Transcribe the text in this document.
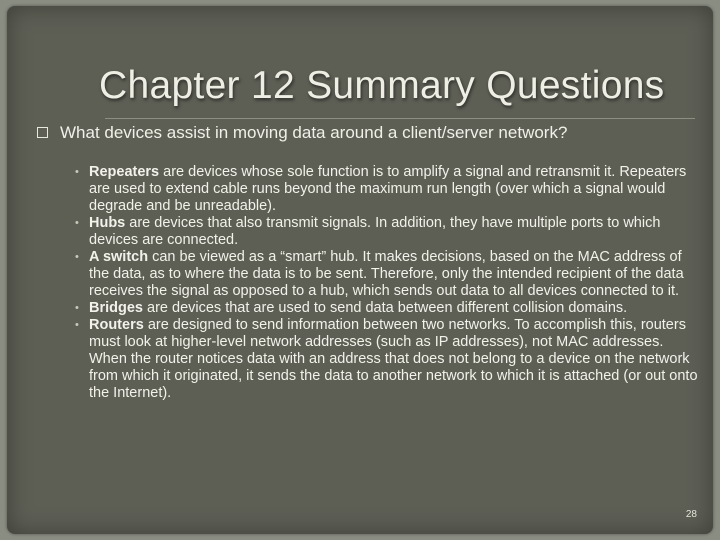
Chapter 12 Summary Questions
What devices assist in moving data around a client/server network?
• Repeaters are devices whose sole function is to amplify a signal and retransmit it. Repeaters are used to extend cable runs beyond the maximum run length (over which a signal would degrade and be unreadable).
• Hubs are devices that also transmit signals. In addition, they have multiple ports to which devices are connected.
• A switch can be viewed as a “smart” hub. It makes decisions, based on the MAC address of the data, as to where the data is to be sent. Therefore, only the intended recipient of the data receives the signal as opposed to a hub, which sends out data to all devices connected to it.
• Bridges are devices that are used to send data between different collision domains.
• Routers are designed to send information between two networks. To accomplish this, routers must look at higher-level network addresses (such as IP addresses), not MAC addresses. When the router notices data with an address that does not belong to a device on the network from which it originated, it sends the data to another network to which it is attached (or out onto the Internet).
28
